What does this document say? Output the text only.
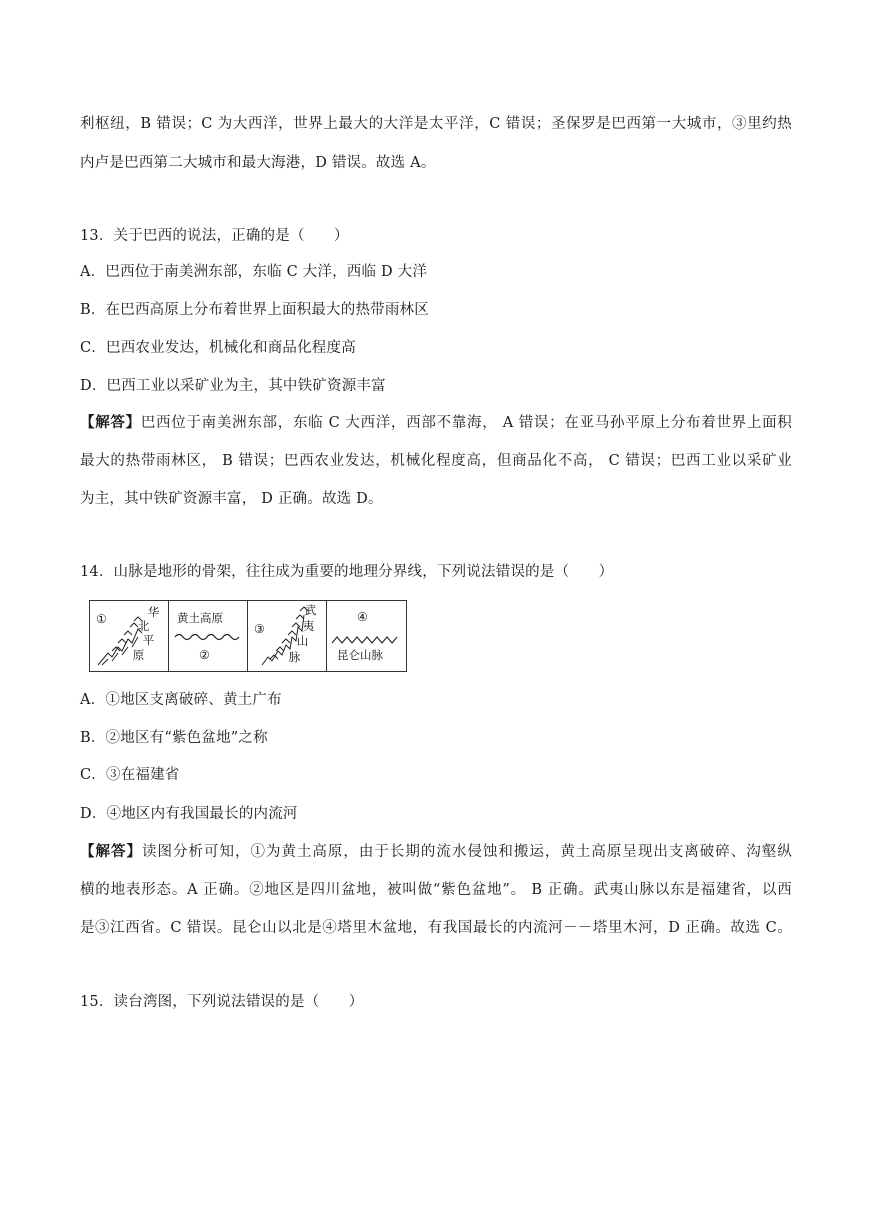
利枢纽，B 错误；C 为大西洋，世界上最大的大洋是太平洋，C 错误；圣保罗是巴西第一大城市，③里约热
内卢是巴西第二大城市和最大海港，D 错误。故选 A。
13．关于巴西的说法，正确的是（　　）
A．巴西位于南美洲东部，东临 C 大洋，西临 D 大洋
B．在巴西高原上分布着世界上面积最大的热带雨林区
C．巴西农业发达，机械化和商品化程度高
D．巴西工业以采矿业为主，其中铁矿资源丰富
【解答】巴西位于南美洲东部，东临 C 大西洋，西部不靠海， A 错误；在亚马孙平原上分布着世界上面积
最大的热带雨林区， B 错误；巴西农业发达，机械化程度高，但商品化不高， C 错误；巴西工业以采矿业
为主，其中铁矿资源丰富， D 正确。故选 D。
14．山脉是地形的骨架，往往成为重要的地理分界线，下列说法错误的是（　　）
①	华
北
平
原
黄土高原
②
③
武
夷
山
脉
④
昆仑山脉
A．①地区支离破碎、黄土广布
B．②地区有“紫色盆地”之称
C．③在福建省
D．④地区内有我国最长的内流河
【解答】读图分析可知，①为黄土高原，由于长期的流水侵蚀和搬运，黄土高原呈现出支离破碎、沟壑纵
横的地表形态。A 正确。②地区是四川盆地，被叫做“紫色盆地”。 B 正确。武夷山脉以东是福建省，以西
是③江西省。C 错误。昆仑山以北是④塔里木盆地，有我国最长的内流河－－塔里木河，D 正确。故选 C。
15．读台湾图，下列说法错误的是（　　）
